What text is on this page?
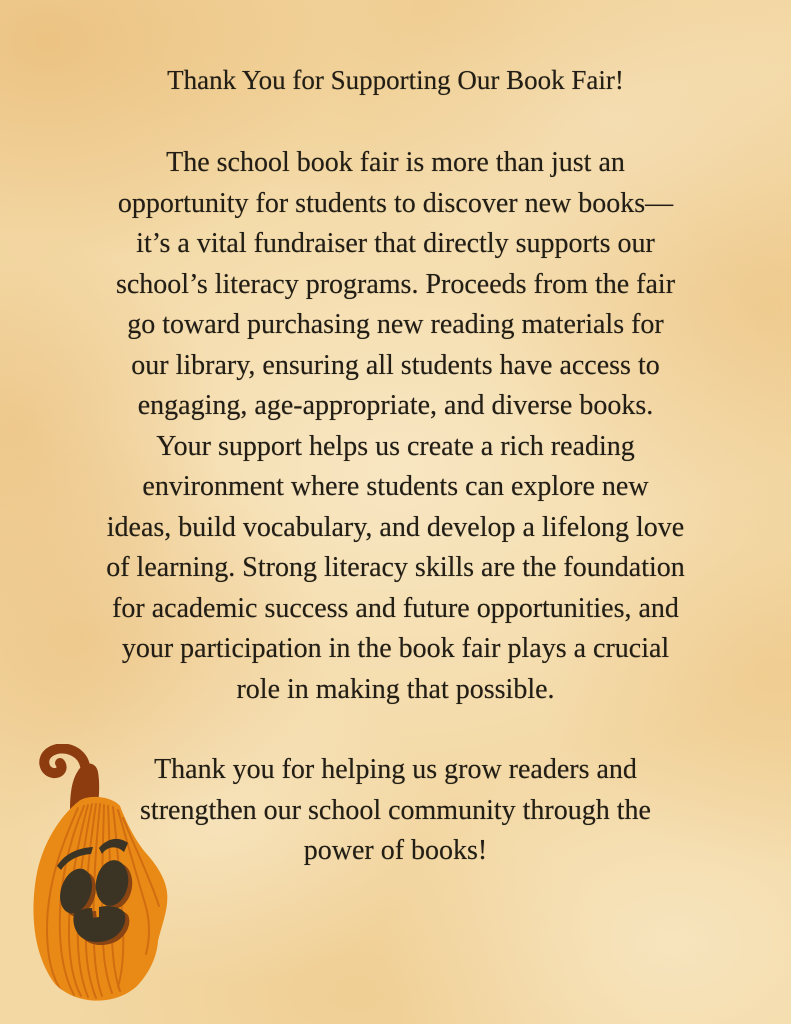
Thank You for Supporting Our Book Fair!
The school book fair is more than just an
opportunity for students to discover new books—
it’s a vital fundraiser that directly supports our
school’s literacy programs. Proceeds from the fair
go toward purchasing new reading materials for
our library, ensuring all students have access to
engaging, age-appropriate, and diverse books.
Your support helps us create a rich reading
environment where students can explore new
ideas, build vocabulary, and develop a lifelong love
of learning. Strong literacy skills are the foundation
for academic success and future opportunities, and
your participation in the book fair plays a crucial
role in making that possible.
Thank you for helping us grow readers and
strengthen our school community through the
power of books!
